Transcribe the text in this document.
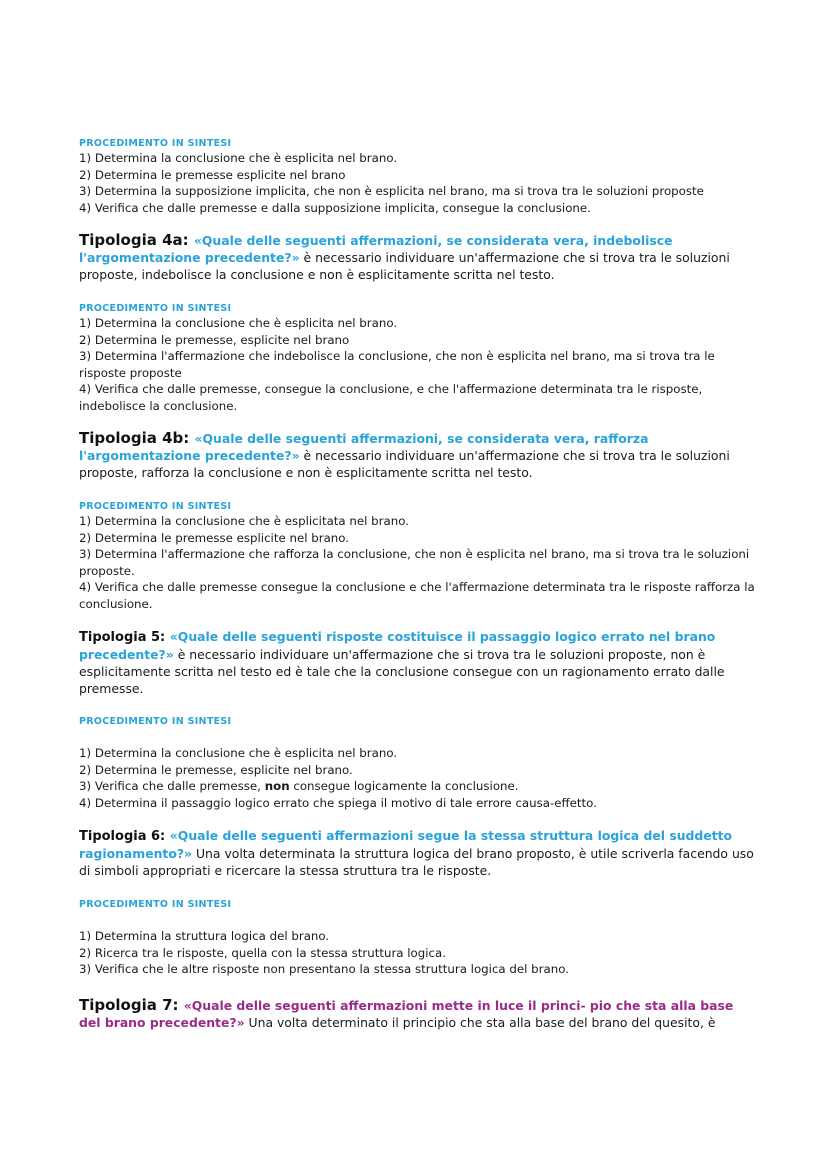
PROCEDIMENTO IN SINTESI

1) Determina la conclusione che è esplicita nel brano.
2) Determina le premesse esplicite nel brano
3) Determina la supposizione implicita, che non è esplicita nel brano, ma si trova tra le soluzioni proposte
4) Verifica che dalle premesse e dalla supposizione implicita, consegue la conclusione.

Tipologia 4a: «Quale delle seguenti affermazioni, se considerata vera, indebolisce l'argomentazione precedente?» è necessario individuare un'affermazione che si trova tra le soluzioni proposte, indebolisce la conclusione e non è esplicitamente scritta nel testo.

PROCEDIMENTO IN SINTESI

1) Determina la conclusione che è esplicita nel brano.
2) Determina le premesse, esplicite nel brano
3) Determina l'affermazione che indebolisce la conclusione, che non è esplicita nel brano, ma si trova tra le risposte proposte
4) Verifica che dalle premesse, consegue la conclusione, e che l'affermazione determinata tra le risposte, indebolisce la conclusione.

Tipologia 4b: «Quale delle seguenti affermazioni, se considerata vera, rafforza l'argomentazione precedente?» è necessario individuare un'affermazione che si trova tra le soluzioni proposte, rafforza la conclusione e non è esplicitamente scritta nel testo.

PROCEDIMENTO IN SINTESI

1) Determina la conclusione che è esplicitata nel brano.
2) Determina le premesse esplicite nel brano.
3) Determina l'affermazione che rafforza la conclusione, che non è esplicita nel brano, ma si trova tra le soluzioni proposte.
4) Verifica che dalle premesse consegue la conclusione e che l'affermazione determinata tra le risposte rafforza la conclusione.

Tipologia 5: «Quale delle seguenti risposte costituisce il passaggio logico errato nel brano precedente?» è necessario individuare un'affermazione che si trova tra le soluzioni proposte, non è esplicitamente scritta nel testo ed è tale che la conclusione consegue con un ragionamento errato dalle premesse.

PROCEDIMENTO IN SINTESI

1) Determina la conclusione che è esplicita nel brano.
2) Determina le premesse, esplicite nel brano.
3) Verifica che dalle premesse, non consegue logicamente la conclusione.
4) Determina il passaggio logico errato che spiega il motivo di tale errore causa-effetto.

Tipologia 6: «Quale delle seguenti affermazioni segue la stessa struttura logica del suddetto ragionamento?» Una volta determinata la struttura logica del brano proposto, è utile scriverla facendo uso di simboli appropriati e ricercare la stessa struttura tra le risposte.

PROCEDIMENTO IN SINTESI

1) Determina la struttura logica del brano.
2) Ricerca tra le risposte, quella con la stessa struttura logica.
3) Verifica che le altre risposte non presentano la stessa struttura logica del brano.

Tipologia 7: «Quale delle seguenti affermazioni mette in luce il princi- pio che sta alla base del brano precedente?» Una volta determinato il principio che sta alla base del brano del quesito, è
